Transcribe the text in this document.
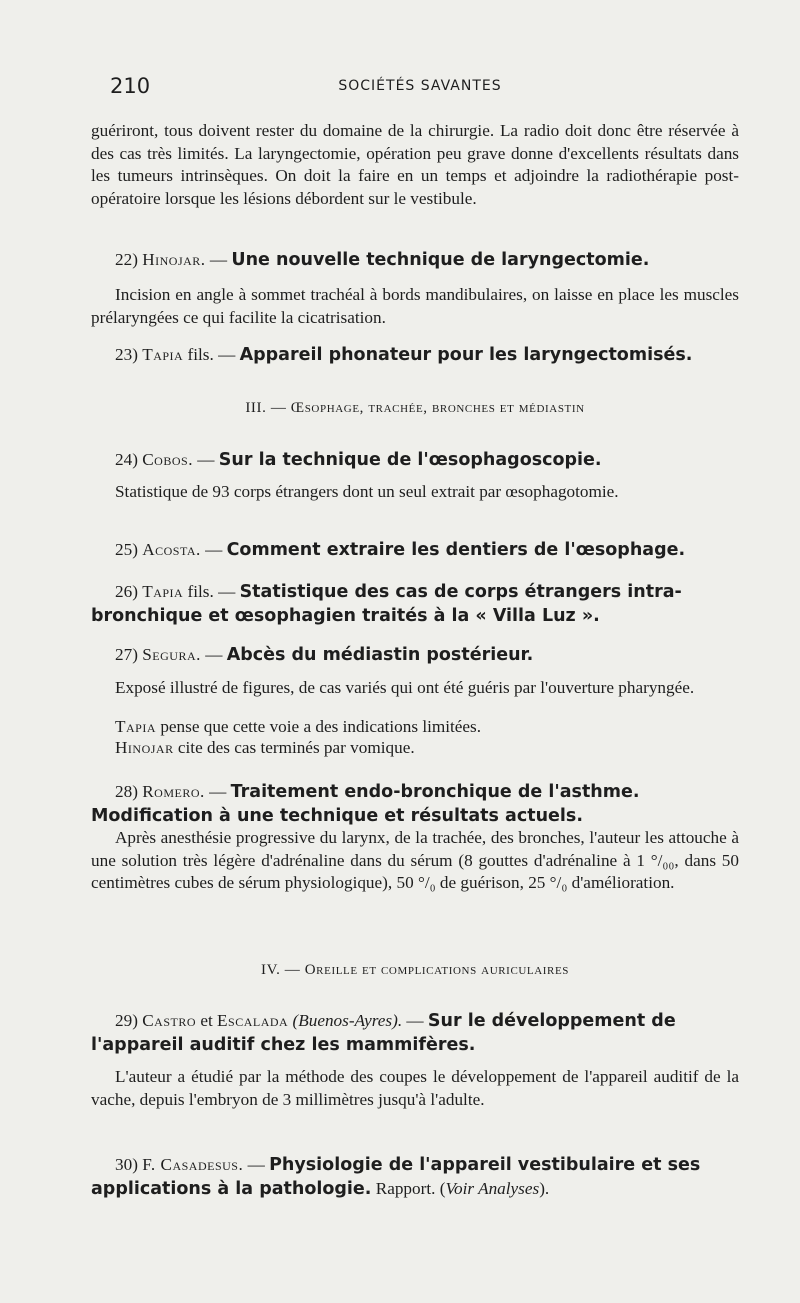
210	SOCIÉTÉS SAVANTES

guériront, tous doivent rester du domaine de la chirurgie. La radio doit donc être réservée à des cas très limités. La laryngectomie, opération peu grave donne d'excellents résultats dans les tumeurs intrinsèques. On doit la faire en un temps et adjoindre la radiothérapie post-opératoire lorsque les lésions débordent sur le vestibule.

22) Hinojar. — Une nouvelle technique de laryngectomie.

Incision en angle à sommet trachéal à bords mandibulaires, on laisse en place les muscles prélaryngées ce qui facilite la cicatrisation.

23) Tapia fils. — Appareil phonateur pour les laryngectomisés.

III. — Œsophage, trachée, bronches et médiastin

24) Cobos. — Sur la technique de l'œsophagoscopie.

Statistique de 93 corps étrangers dont un seul extrait par œsophagotomie.

25) Acosta. — Comment extraire les dentiers de l'œsophage.

26) Tapia fils. — Statistique des cas de corps étrangers intra-bronchique et œsophagien traités à la « Villa Luz ».

27) Segura. — Abcès du médiastin postérieur.

Exposé illustré de figures, de cas variés qui ont été guéris par l'ouverture pharyngée.

Tapia pense que cette voie a des indications limitées.

Hinojar cite des cas terminés par vomique.

28) Romero. — Traitement endo-bronchique de l'asthme. Modification à une technique et résultats actuels.

Après anesthésie progressive du larynx, de la trachée, des bronches, l'auteur les attouche à une solution très légère d'adrénaline dans du sérum (8 gouttes d'adrénaline à 1 °/₀₀, dans 50 centimètres cubes de sérum physiologique), 50 °/₀ de guérison, 25 °/₀ d'amélioration.

IV. — Oreille et complications auriculaires

29) Castro et Escalada (Buenos-Ayres). — Sur le développement de l'appareil auditif chez les mammifères.

L'auteur a étudié par la méthode des coupes le développement de l'appareil auditif de la vache, depuis l'embryon de 3 millimètres jusqu'à l'adulte.

30) F. Casadesus. — Physiologie de l'appareil vestibulaire et ses applications à la pathologie. Rapport. (Voir Analyses).
